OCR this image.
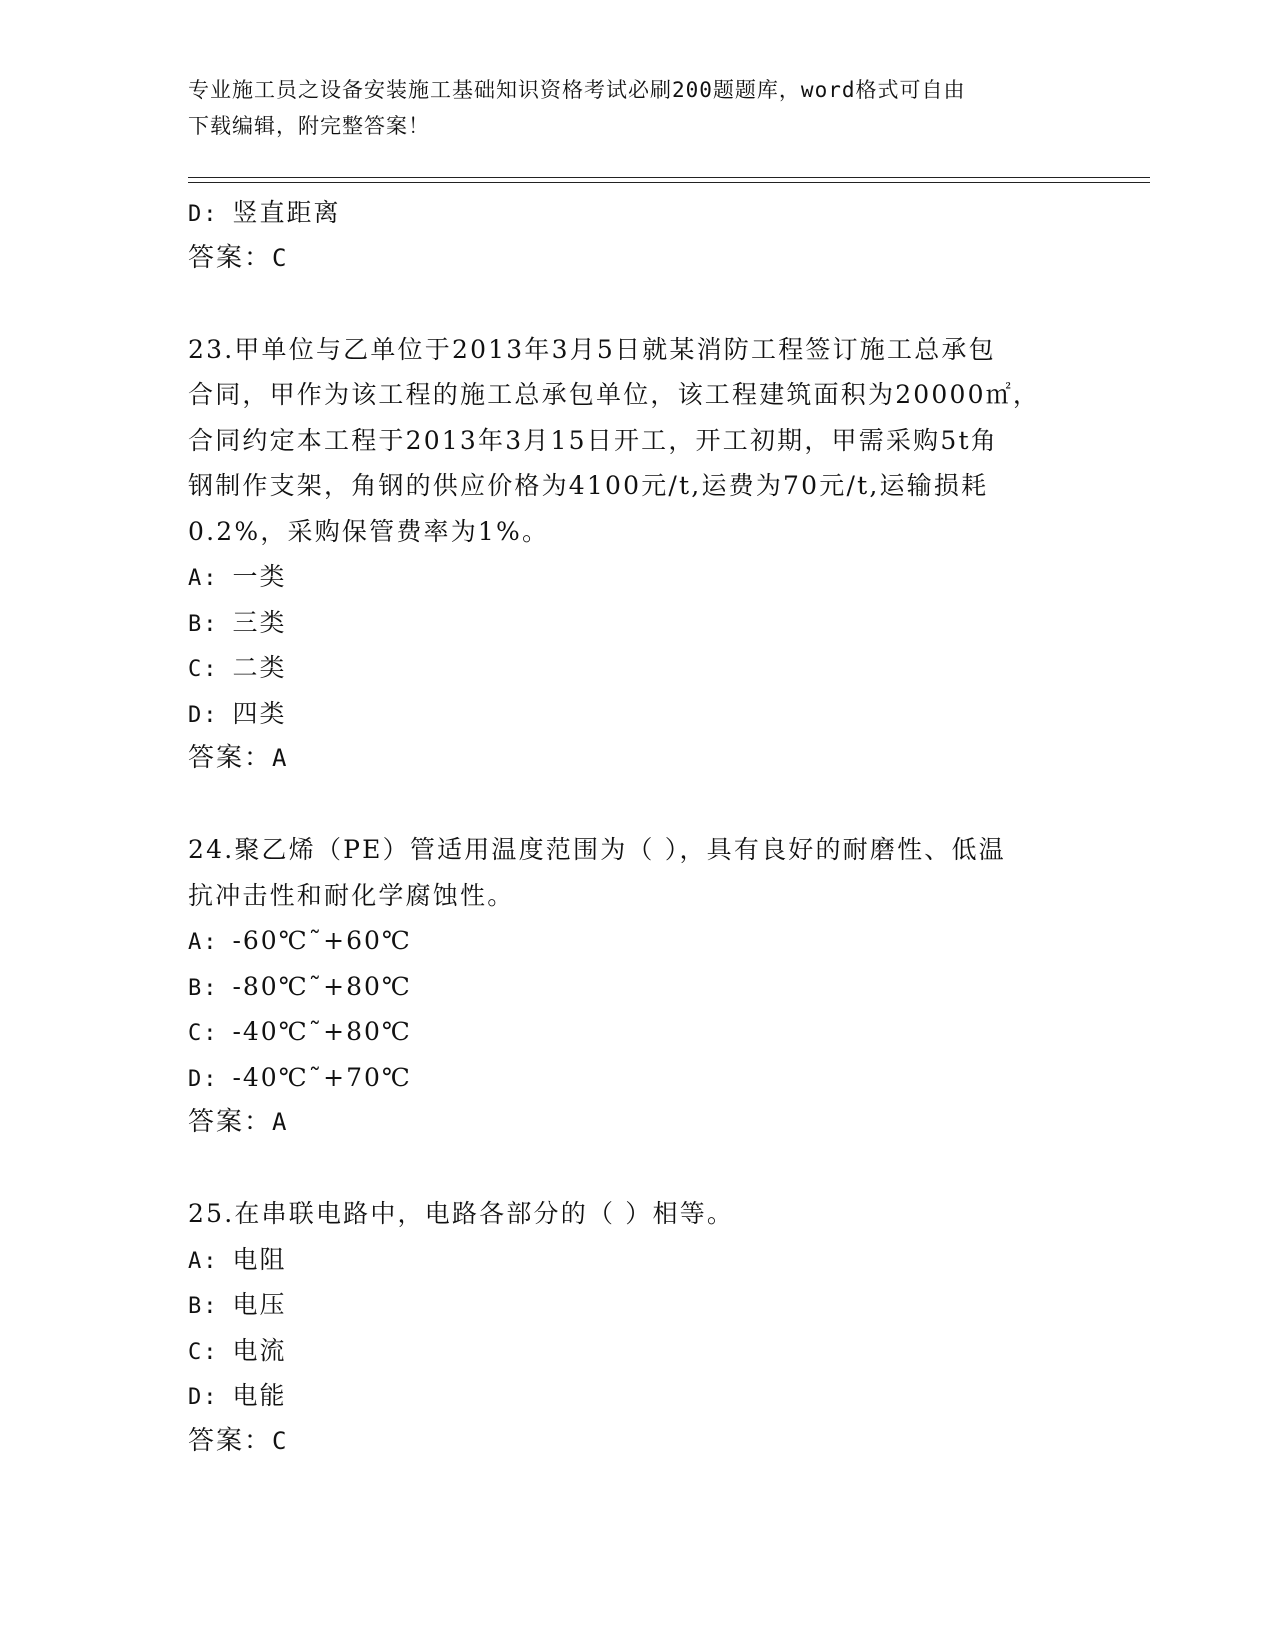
专业施工员之设备安装施工基础知识资格考试必刷200题题库，word格式可自由
下载编辑，附完整答案！
D: 竖直距离
答案：C
23.甲单位与乙单位于2013年3月5日就某消防工程签订施工总承包
合同，甲作为该工程的施工总承包单位，该工程建筑面积为20000㎡，
合同约定本工程于2013年3月15日开工，开工初期，甲需采购5t角
钢制作支架，角钢的供应价格为4100元/t,运费为70元/t,运输损耗
0.2%，采购保管费率为1%。
A: 一类
B: 三类
C: 二类
D: 四类
答案：A
24.聚乙烯（PE）管适用温度范围为（ ），具有良好的耐磨性、低温
抗冲击性和耐化学腐蚀性。
A: -60℃˜+60℃
B: -80℃˜+80℃
C: -40℃˜+80℃
D: -40℃˜+70℃
答案：A
25.在串联电路中，电路各部分的（ ）相等。
A: 电阻
B: 电压
C: 电流
D: 电能
答案：C
